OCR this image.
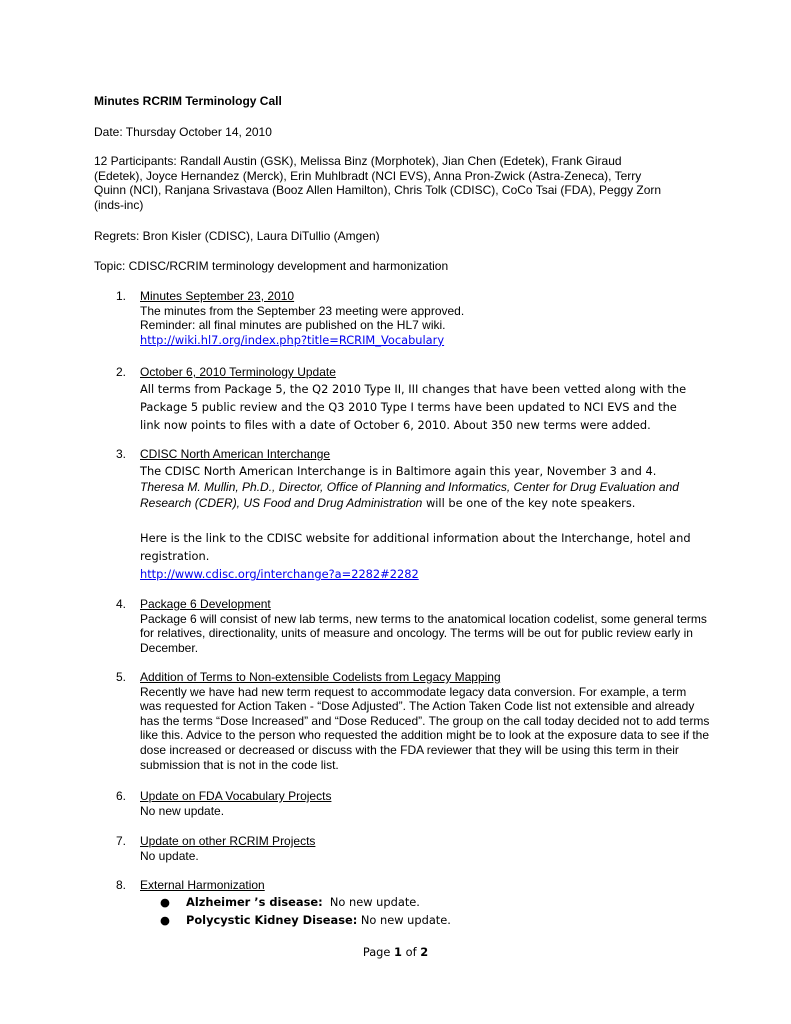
Minutes RCRIM Terminology Call
Date: Thursday October 14, 2010
12 Participants: Randall Austin (GSK), Melissa Binz (Morphotek), Jian Chen (Edetek), Frank Giraud (Edetek), Joyce Hernandez (Merck), Erin Muhlbradt (NCI EVS), Anna Pron-Zwick (Astra-Zeneca), Terry Quinn (NCI), Ranjana Srivastava (Booz Allen Hamilton), Chris Tolk (CDISC), CoCo Tsai (FDA), Peggy Zorn (inds-inc)
Regrets: Bron Kisler (CDISC), Laura DiTullio (Amgen)
Topic: CDISC/RCRIM terminology development and harmonization
1. Minutes September 23, 2010
The minutes from the September 23 meeting were approved.
Reminder: all final minutes are published on the HL7 wiki.
http://wiki.hl7.org/index.php?title=RCRIM_Vocabulary
2. October 6, 2010 Terminology Update
All terms from Package 5, the Q2 2010 Type II, III changes that have been vetted along with the Package 5 public review and the Q3 2010 Type I terms have been updated to NCI EVS and the link now points to files with a date of October 6, 2010. About 350 new terms were added.
3. CDISC North American Interchange
The CDISC North American Interchange is in Baltimore again this year, November 3 and 4.
Theresa M. Mullin, Ph.D., Director, Office of Planning and Informatics, Center for Drug Evaluation and Research (CDER), US Food and Drug Administration will be one of the key note speakers.
Here is the link to the CDISC website for additional information about the Interchange, hotel and registration.
http://www.cdisc.org/interchange?a=2282#2282
4. Package 6 Development
Package 6 will consist of new lab terms, new terms to the anatomical location codelist, some general terms for relatives, directionality, units of measure and oncology. The terms will be out for public review early in December.
5. Addition of Terms to Non-extensible Codelists from Legacy Mapping
Recently we have had new term request to accommodate legacy data conversion. For example, a term was requested for Action Taken - “Dose Adjusted”. The Action Taken Code list not extensible and already has the terms “Dose Increased” and “Dose Reduced”. The group on the call today decided not to add terms like this. Advice to the person who requested the addition might be to look at the exposure data to see if the dose increased or decreased or discuss with the FDA reviewer that they will be using this term in their submission that is not in the code list.
6. Update on FDA Vocabulary Projects
No new update.
7. Update on other RCRIM Projects
No update.
8. External Harmonization
● Alzheimer ’s disease:  No new update.
● Polycystic Kidney Disease: No new update.
Page 1 of 2
